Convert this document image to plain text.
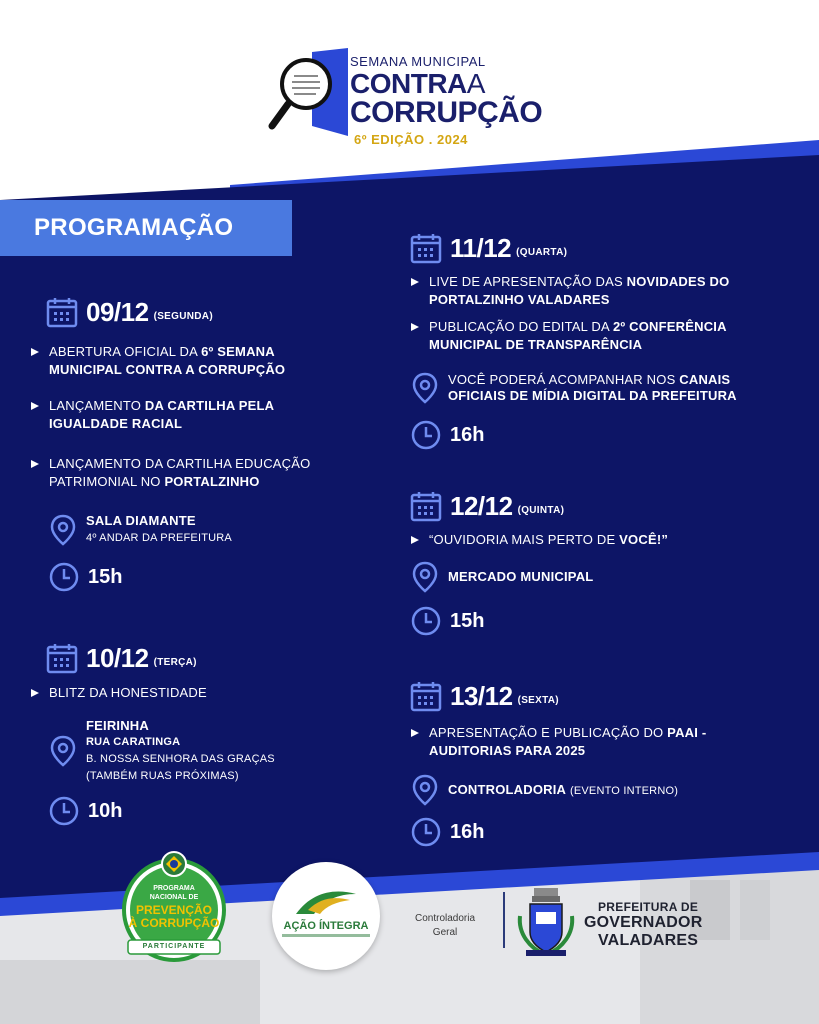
SEMANA MUNICIPAL
CONTRAA
CORRUPÇÃO
6º EDIÇÃO . 2024
PROGRAMAÇÃO
09/12 (SEGUNDA)
ABERTURA OFICIAL DA 6º SEMANA
MUNICIPAL CONTRA A CORRUPÇÃO
LANÇAMENTO DA CARTILHA PELA
IGUALDADE RACIAL
LANÇAMENTO DA CARTILHA EDUCAÇÃO
PATRIMONIAL NO PORTALZINHO
SALA DIAMANTE
4º ANDAR DA PREFEITURA
15h
10/12 (TERÇA)
BLITZ DA HONESTIDADE
FEIRINHA
RUA CARATINGA
B. NOSSA SENHORA DAS GRAÇAS
(TAMBÉM RUAS PRÓXIMAS)
10h
11/12 (QUARTA)
LIVE DE APRESENTAÇÃO DAS NOVIDADES DO
PORTALZINHO VALADARES
PUBLICAÇÃO DO EDITAL DA 2º CONFERÊNCIA
MUNICIPAL DE TRANSPARÊNCIA
VOCÊ PODERÁ ACOMPANHAR NOS CANAIS
OFICIAIS DE MÍDIA DIGITAL DA PREFEITURA
16h
12/12 (QUINTA)
“OUVIDORIA MAIS PERTO DE VOCÊ!”
MERCADO MUNICIPAL
15h
13/12 (SEXTA)
APRESENTAÇÃO E PUBLICAÇÃO DO PAAI -
AUDITORIAS PARA 2025
CONTROLADORIA (EVENTO INTERNO)
16h
PROGRAMA
NACIONAL DE
PREVENÇÃO
À CORRUPÇÃO
PARTICIPANTE
AÇÃO ÍNTEGRA
Controladoria
Geral
PREFEITURA DE
GOVERNADOR
VALADARES
